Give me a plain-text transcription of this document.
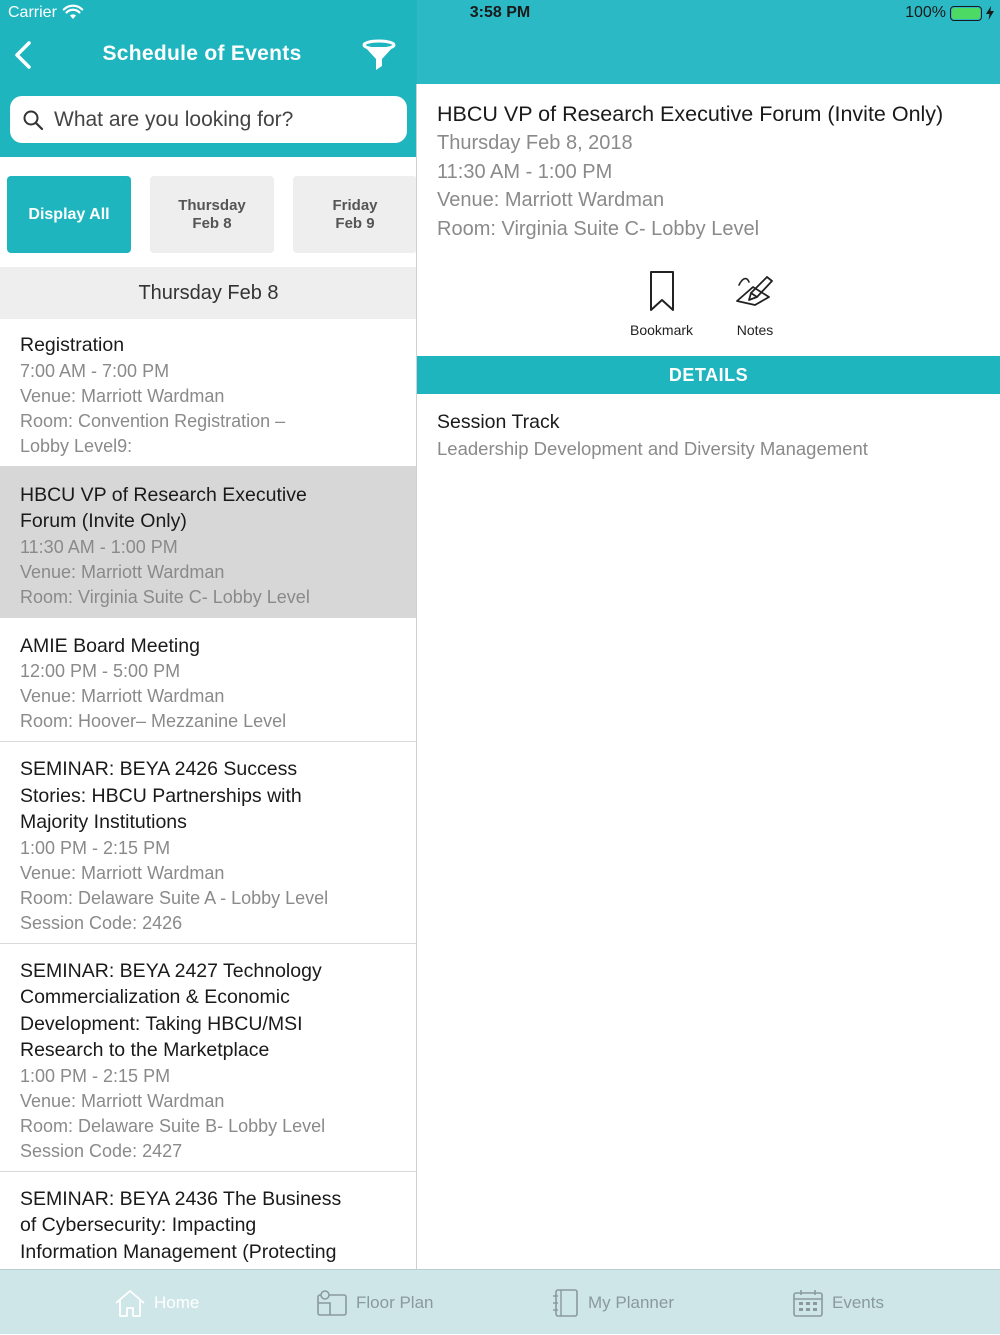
Carrier	3:58 PM	100%
Schedule of Events
What are you looking for?
Display All
Thursday
Feb 8
Friday
Feb 9
Thursday Feb 8
Registration
7:00 AM - 7:00 PM
Venue: Marriott Wardman
Room: Convention Registration – Lobby Level9:
HBCU VP of Research Executive Forum (Invite Only)
11:30 AM - 1:00 PM
Venue: Marriott Wardman
Room: Virginia Suite C- Lobby Level
AMIE Board Meeting
12:00 PM - 5:00 PM
Venue: Marriott Wardman
Room: Hoover– Mezzanine Level
SEMINAR: BEYA 2426 Success Stories: HBCU Partnerships with Majority Institutions
1:00 PM - 2:15 PM
Venue: Marriott Wardman
Room: Delaware Suite A - Lobby Level
Session Code: 2426
SEMINAR: BEYA 2427 Technology Commercialization & Economic Development: Taking HBCU/MSI Research to the Marketplace
1:00 PM - 2:15 PM
Venue: Marriott Wardman
Room: Delaware Suite B- Lobby Level
Session Code: 2427
SEMINAR: BEYA 2436 The Business of Cybersecurity: Impacting Information Management (Protecting
HBCU VP of Research Executive Forum (Invite Only)
Thursday Feb 8, 2018
11:30 AM - 1:00 PM
Venue: Marriott Wardman
Room: Virginia Suite C- Lobby Level
Bookmark	Notes
DETAILS
Session Track
Leadership Development and Diversity Management
Home	Floor Plan	My Planner	Events
